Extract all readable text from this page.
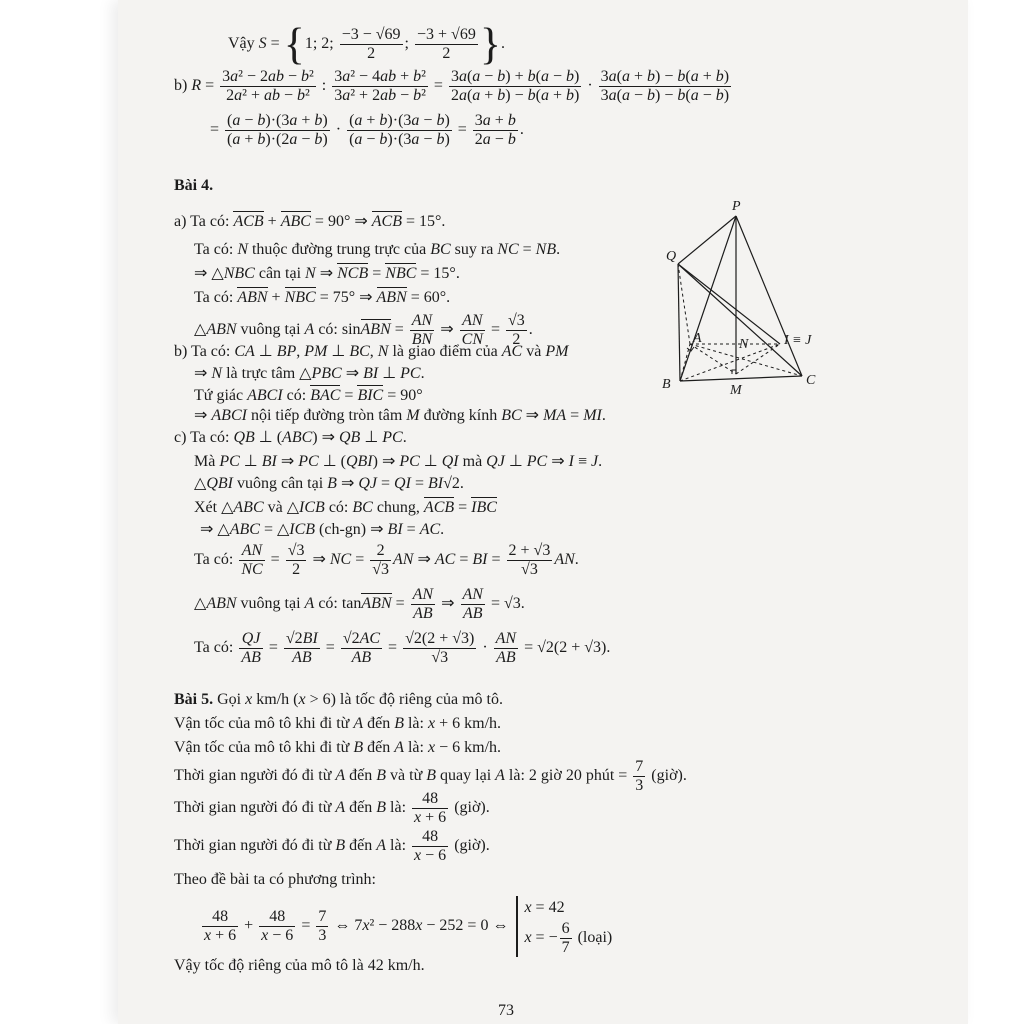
Vậy S = {1; 2; $\frac{-3 - √69}{2}$ ; $\frac{-3 + √69}{2}$ }.
b) $R = \frac{\text{3a² − 2ab − b²}}{\text{2a² + ab − b²}}$ : $\frac{\text{3a² − 4ab + b²}}{\text{3a² + 2ab − b²}} = \frac{3a(a - b) + b(a - b)}{2a(a + b) - b(a + b)} \cdot \frac{3a(a + b) - b(a + b)}{3a(a - b) - b(a - b)}$
= $\frac{(a - b)\cdot(3a + b)}{(a + b)\cdot(2a - b)} \cdot \frac{(a + b)\cdot(3a - b)}{(a - b)\cdot(3a - b)} = \frac{3a + b}{2a - b}$ .
Bài 4.
a) Ta có: ACB + ABC = 90° ⇒ ACB = 15°.
Ta có: N thuộc đường trung trực của BC suy ra NC = NB.
⇒ △NBC cân tại N ⇒ NCB = NBC = 15°.
Ta có: ABN + NBC = 75° ⇒ ABN = 60°.
△ABN vuông tại A có: sinABN = $\frac{AN}{BN}$ ⇒ $\frac{AN}{CN} = \frac{√3}{2}$ .
b) Ta có: CA ⊥ BP, PM ⊥ BC, N là giao điểm của AC và PM
⇒ N là trực tâm △PBC ⇒ BI ⊥ PC.
Tứ giác ABCI có: BAC = BIC = 90°
⇒ ABCI nội tiếp đường tròn tâm M đường kính BC ⇒ MA = MI.
c) Ta có: QB ⊥ (ABC) ⇒ QB ⊥ PC.
Mà PC ⊥ BI ⇒ PC ⊥ (QBI) ⇒ PC ⊥ QI mà QJ ⊥ PC ⇒ I ≡ J.
△QBI vuông cân tại B ⇒ QJ = QI = BI√2.
Xét △ABC và △ICB có: BC chung, ACB = IBC
⇒ △ABC = △ICB (ch-gn) ⇒ BI = AC.
Ta có: $\frac{AN}{NC} = \frac{√3}{2}$ ⇒ NC = $\frac{2}{√3}$ AN ⇒ AC = BI = $\frac{2 + √3}{√3}$ AN.
△ABN vuông tại A có: tanABN = $\frac{AN}{AB}$ ⇒ $\frac{AN}{AB} = √3$.
Ta có: $\frac{QJ}{AB} = \frac{√2BI}{AB} = \frac{√2AC}{AB} = \frac{√2(2 + √3)}{√3} \cdot \frac{AN}{AB} = √2(2 + √3)$.
Bài 5. Gọi x km/h (x > 6) là tốc độ riêng của mô tô.
Vận tốc của mô tô khi đi từ A đến B là: x + 6 km/h.
Vận tốc của mô tô khi đi từ B đến A là: x − 6 km/h.
Thời gian người đó đi từ A đến B và từ B quay lại A là: 2 giờ 20 phút = $\frac{7}{3}$ (giờ).
Thời gian người đó đi từ A đến B là: $\frac{48}{x + 6}$ (giờ).
Thời gian người đó đi từ B đến A là: $\frac{48}{x - 6}$ (giờ).
Theo đề bài ta có phương trình:
$\frac{48}{x + 6} + \frac{48}{x - 6} = \frac{7}{3}$ ⇔ 7x² − 288x − 252 = 0 ⇔
x = 42
x = − $\frac{6}{7}$ (loại)
Vậy tốc độ riêng của mô tô là 42 km/h.
73
P
Q
A	N	I ≡ J
B	M
C
